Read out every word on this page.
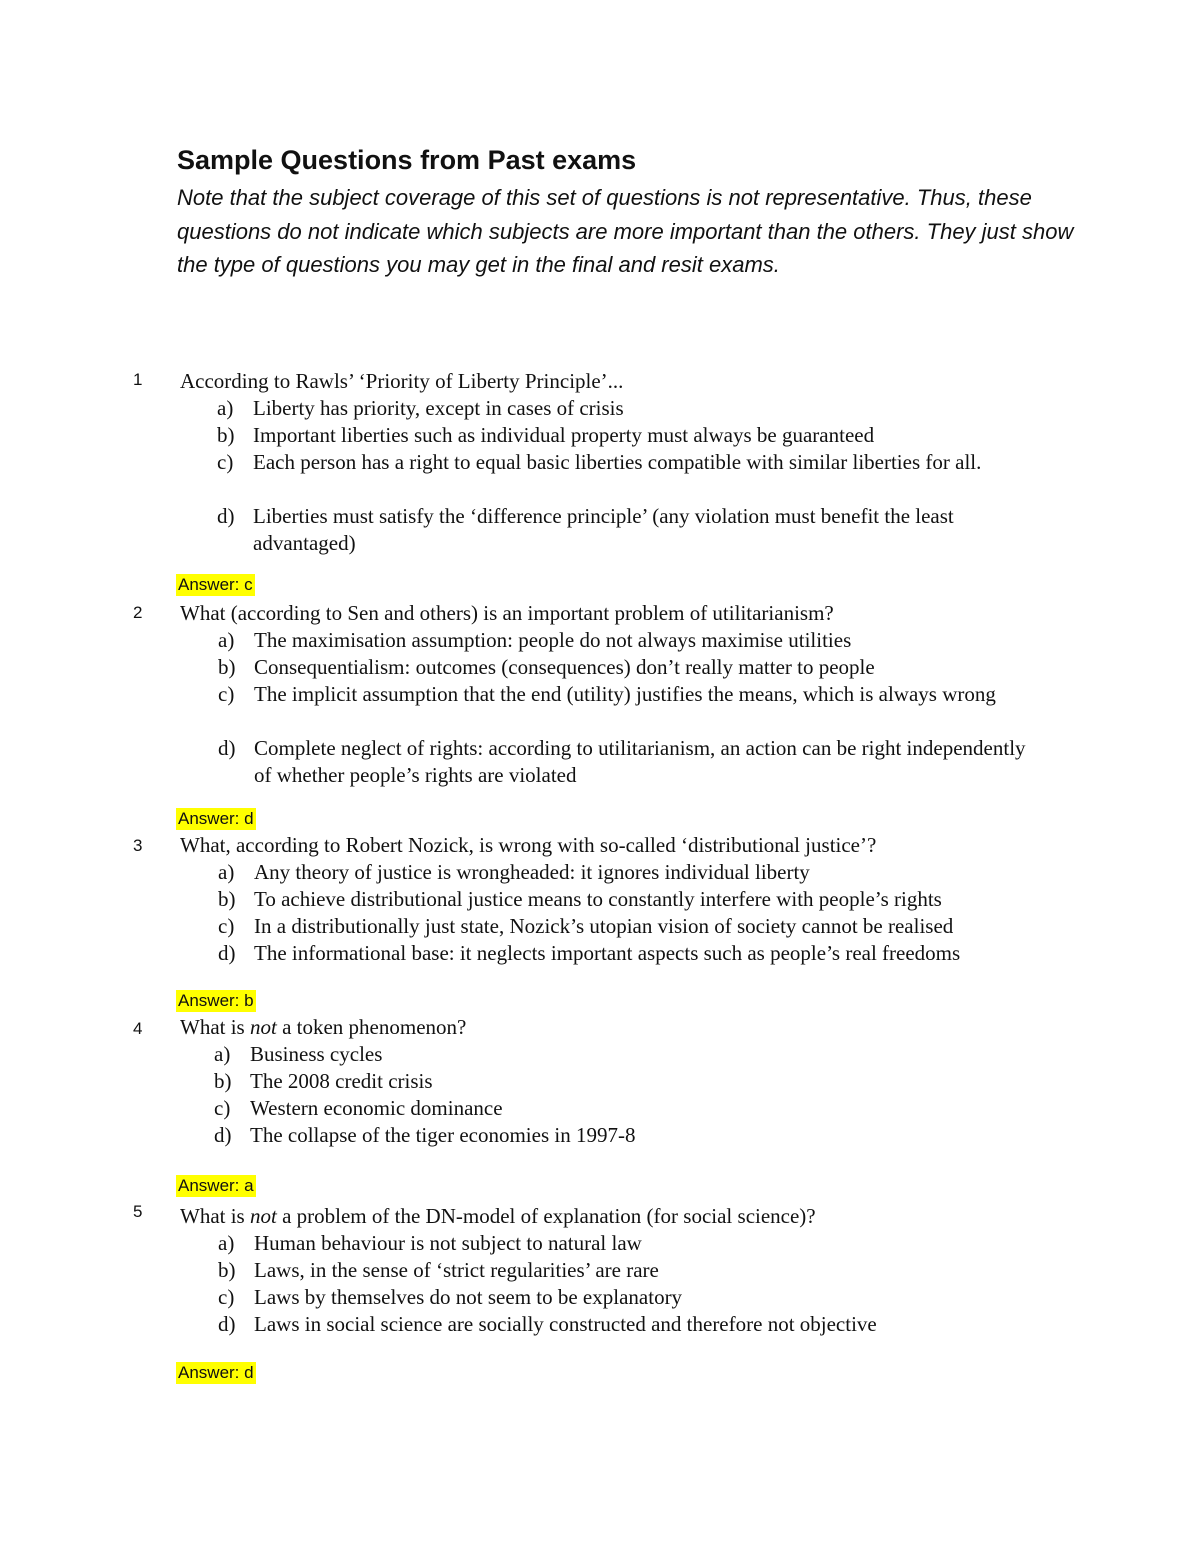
Sample Questions from Past exams

Note that the subject coverage of this set of questions is not representative. Thus, these questions do not indicate which subjects are more important than the others. They just show the type of questions you may get in the final and resit exams.

1 According to Rawls’ ‘Priority of Liberty Principle’...
a) Liberty has priority, except in cases of crisis
b) Important liberties such as individual property must always be guaranteed
c) Each person has a right to equal basic liberties compatible with similar liberties for all.
d) Liberties must satisfy the ‘difference principle’ (any violation must benefit the least advantaged)
Answer: c
2 What (according to Sen and others) is an important problem of utilitarianism?
a) The maximisation assumption: people do not always maximise utilities
b) Consequentialism: outcomes (consequences) don’t really matter to people
c) The implicit assumption that the end (utility) justifies the means, which is always wrong
d) Complete neglect of rights: according to utilitarianism, an action can be right independently of whether people’s rights are violated
Answer: d
3 What, according to Robert Nozick, is wrong with so-called ‘distributional justice’?
a) Any theory of justice is wrongheaded: it ignores individual liberty
b) To achieve distributional justice means to constantly interfere with people’s rights
c) In a distributionally just state, Nozick’s utopian vision of society cannot be realised
d) The informational base: it neglects important aspects such as people’s real freedoms
Answer: b
4 What is not a token phenomenon?
a) Business cycles
b) The 2008 credit crisis
c) Western economic dominance
d) The collapse of the tiger economies in 1997-8
Answer: a
5 What is not a problem of the DN-model of explanation (for social science)?
a) Human behaviour is not subject to natural law
b) Laws, in the sense of ‘strict regularities’ are rare
c) Laws by themselves do not seem to be explanatory
d) Laws in social science are socially constructed and therefore not objective
Answer: d
